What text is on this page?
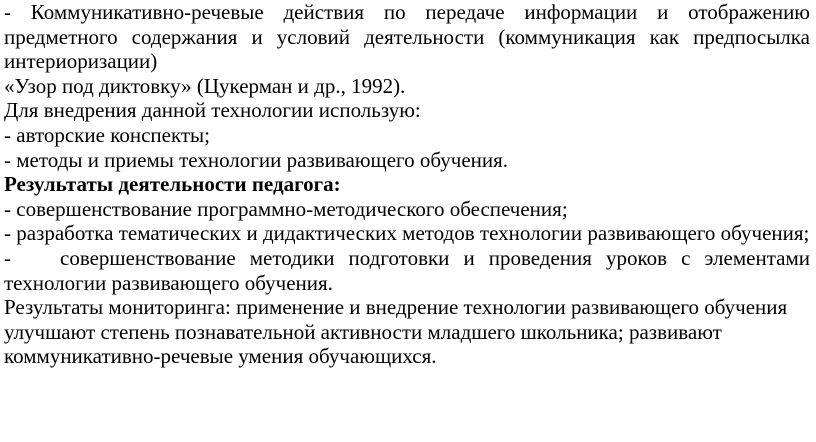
- Коммуникативно-речевые действия по передаче информации и отображению предметного содержания и условий деятельности (коммуникация как предпосылка интериоризации)

«Узор под диктовку» (Цукерман и др., 1992).

Для внедрения данной технологии использую:

- авторские конспекты;

- методы и приемы технологии развивающего обучения.

Результаты деятельности педагога:

- совершенствование программно-методического обеспечения;

- разработка тематических и дидактических методов технологии развивающего обучения;

-	совершенствование методики подготовки и проведения уроков с элементами

технологии развивающего обучения.

Результаты мониторинга: применение и внедрение технологии развивающего обучения улучшают степень познавательной активности младшего школьника; развивают коммуникативно-речевые умения обучающихся.
